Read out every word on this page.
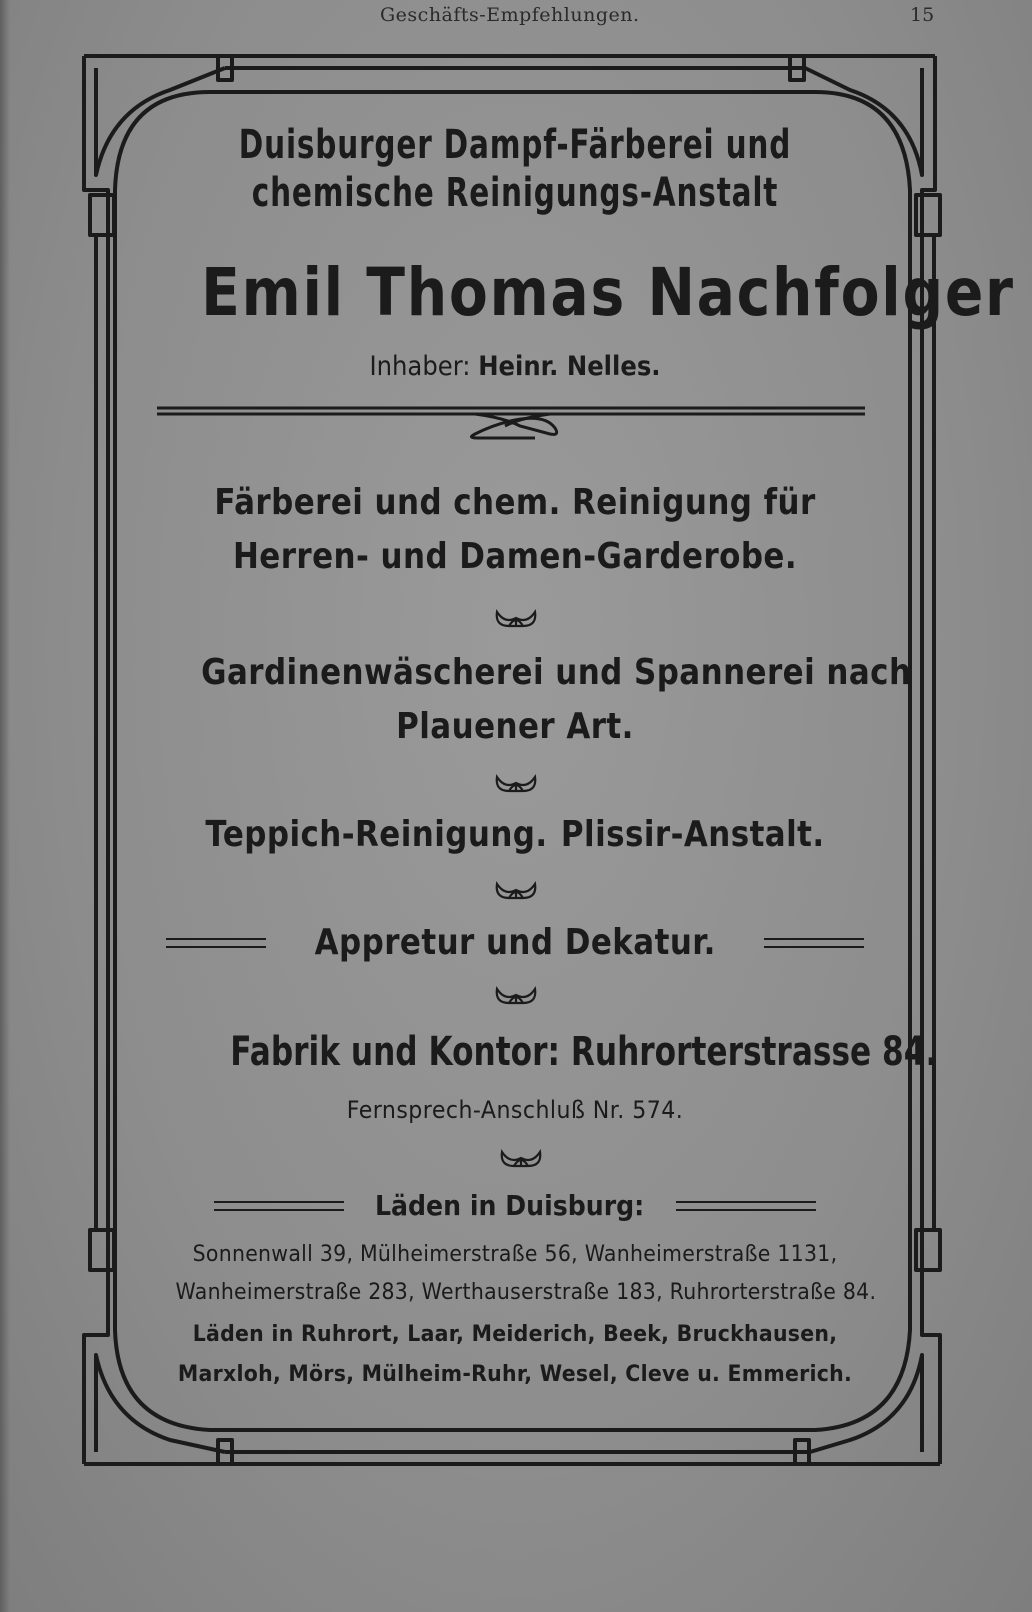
Geschäfts-Empfehlungen.	15
Duisburger Dampf-Färberei und
chemische Reinigungs-Anstalt
Emil Thomas Nachfolger
Inhaber: Heinr. Nelles.
Färberei und chem. Reinigung für
Herren- und Damen-Garderobe.
Gardinenwäscherei und Spannerei nach
Plauener Art.
Teppich-Reinigung. Plissir-Anstalt.
Appretur und Dekatur.
Fabrik und Kontor: Ruhrorterstrasse 84.
Fernsprech-Anschluß Nr. 574.
Läden in Duisburg:
Sonnenwall 39, Mülheimerstraße 56, Wanheimerstraße 1131,
Wanheimerstraße 283, Werthauserstraße 183, Ruhrorterstraße 84.
Läden in Ruhrort, Laar, Meiderich, Beek, Bruckhausen,
Marxloh, Mörs, Mülheim-Ruhr, Wesel, Cleve u. Emmerich.
